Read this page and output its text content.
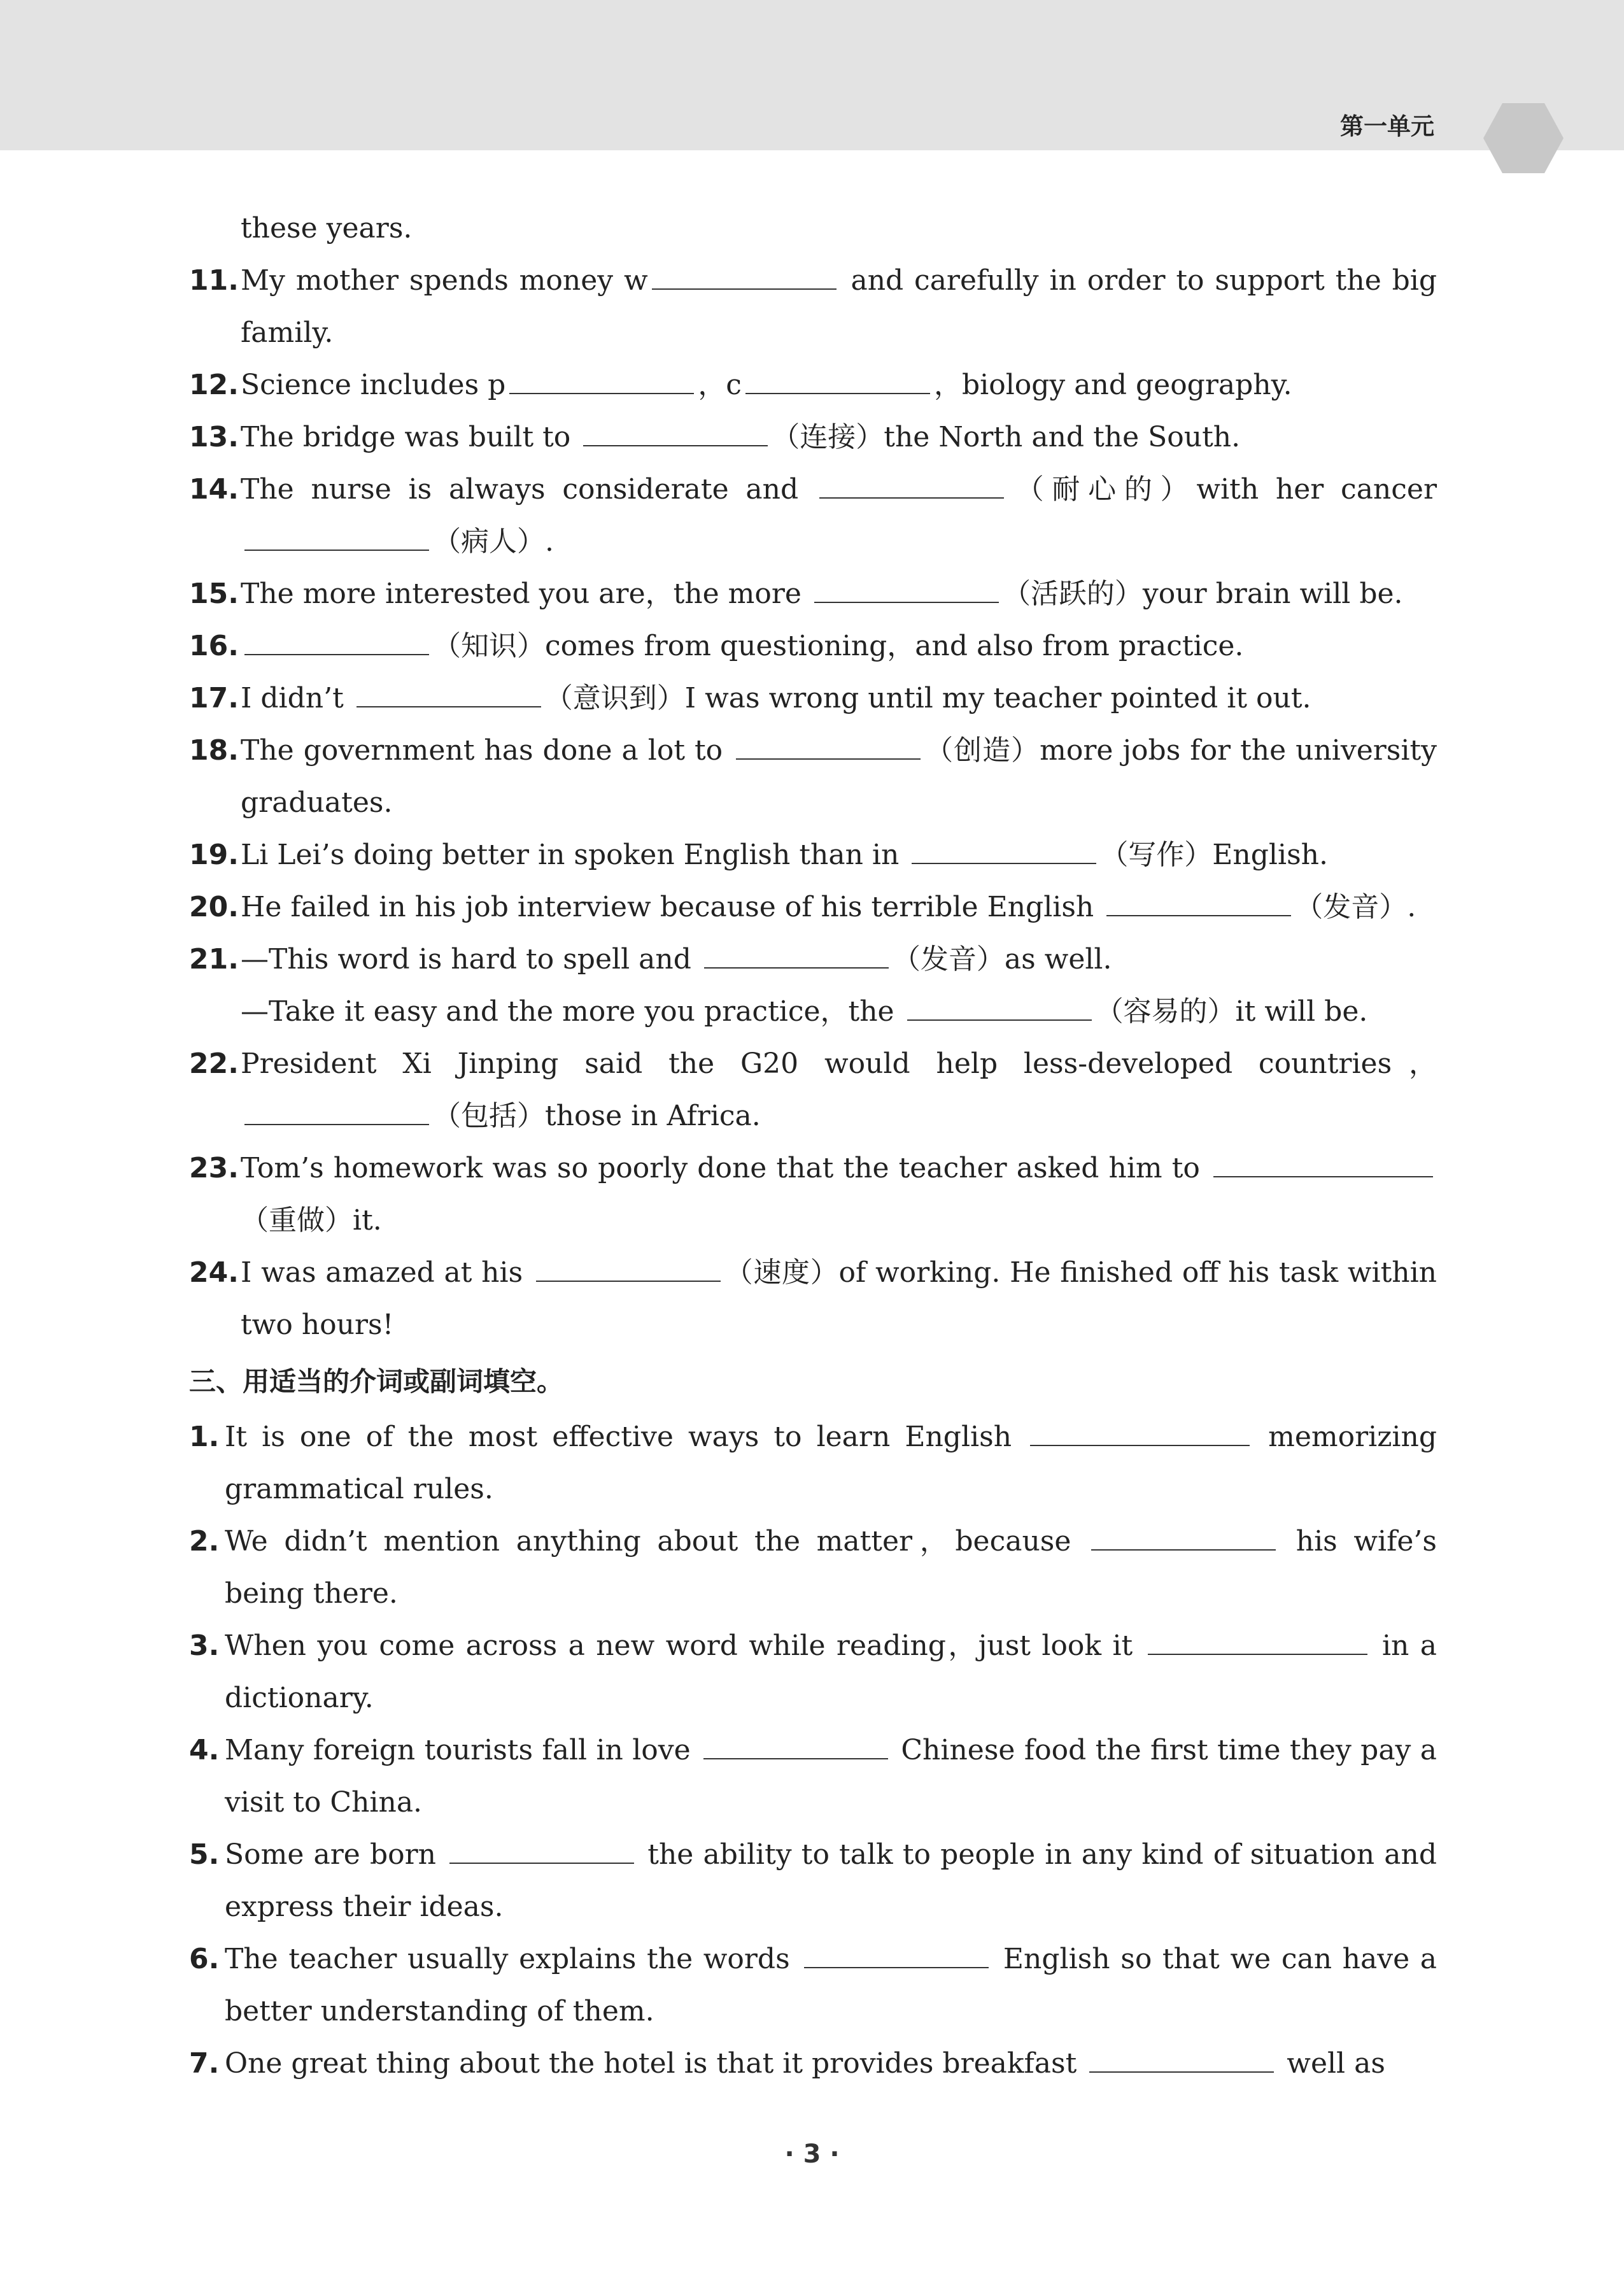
第一单元
these years.
11. My mother spends money w	and carefully in order to support the big family.
12. Science includes p	，c	，biology and geography.
13. The bridge was built to	（连接）the North and the South.
14. The nurse is always considerate and	（耐心的）with her cancer （病人）.
15. The more interested you are，the more	（活跃的）your brain will be.
16.	（知识）comes from questioning，and also from practice.
17. I didn’t	（意识到）I was wrong until my teacher pointed it out.
18. The government has done a lot to	（创造）more jobs for the university graduates.
19. Li Lei’s doing better in spoken English than in	（写作）English.
20. He failed in his job interview because of his terrible English	（发音）.
21. —This word is hard to spell and	（发音）as well.
—Take it easy and the more you practice，the	（容易的）it will be.
22. President Xi Jinping said the G20 would help less-developed countries，（包括）those in Africa.
23. Tom’s homework was so poorly done that the teacher asked him to （重做）it.
24. I was amazed at his	（速度）of working. He finished off his task within two hours!
三、用适当的介词或副词填空。
1. It is one of the most effective ways to learn English	memorizing grammatical rules.
2. We didn’t mention anything about the matter，because	his wife’s being there.
3. When you come across a new word while reading，just look it	in a dictionary.
4. Many foreign tourists fall in love	Chinese food the first time they pay a visit to China.
5. Some are born	the ability to talk to people in any kind of situation and express their ideas.
6. The teacher usually explains the words	English so that we can have a better understanding of them.
7. One great thing about the hotel is that it provides breakfast	well as
· 3 ·
